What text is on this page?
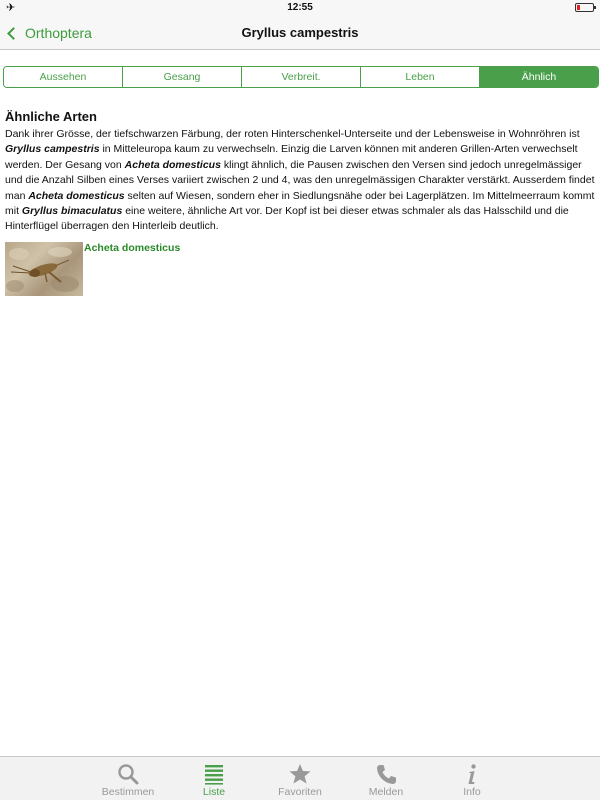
✈	12:55
Orthoptera	Gryllus campestris
Aussehen	Gesang	Verbreit.	Leben	Ähnlich
Ähnliche Arten
Dank ihrer Grösse, der tiefschwarzen Färbung, der roten Hinterschenkel-Unterseite und der Lebensweise in Wohnröhren ist Gryllus campestris in Mitteleuropa kaum zu verwechseln. Einzig die Larven können mit anderen Grillen-Arten verwechselt werden. Der Gesang von Acheta domesticus klingt ähnlich, die Pausen zwischen den Versen sind jedoch unregelmässiger und die Anzahl Silben eines Verses variiert zwischen 2 und 4, was den unregelmässigen Charakter verstärkt. Ausserdem findet man Acheta domesticus selten auf Wiesen, sondern eher in Siedlungsnähe oder bei Lagerplätzen. Im Mittelmeerraum kommt mit Gryllus bimaculatus eine weitere, ähnliche Art vor. Der Kopf ist bei dieser etwas schmaler als das Halsschild und die Hinterflügel überragen den Hinterleib deutlich.
Acheta domesticus
Bestimmen	Liste	Favoriten	Melden	Info
